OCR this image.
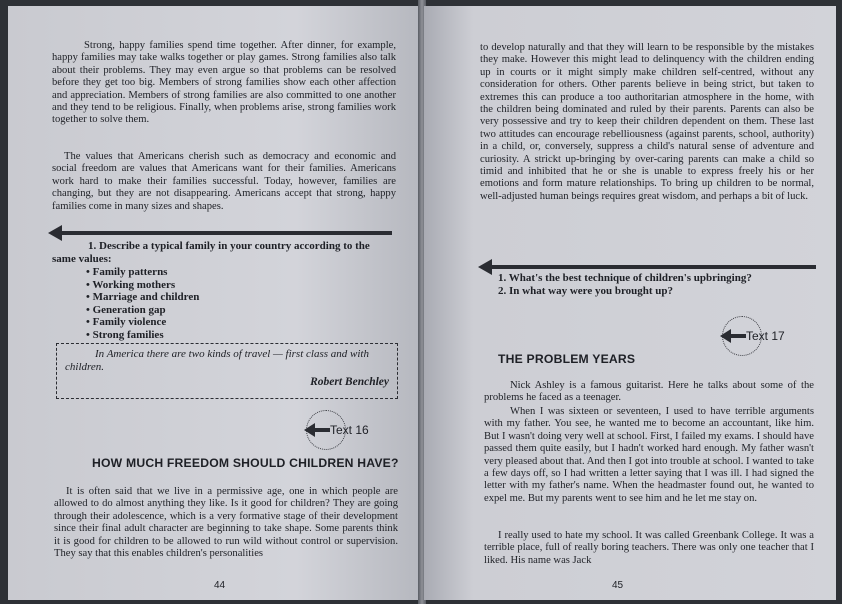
Strong, happy families spend time together. After dinner, for example, happy families may take walks together or play games. Strong families also talk about their problems. They may even argue so that problems can be resolved before they get too big. Members of strong families show each other affection and appreciation. Members of strong families are also committed to one another and they tend to be religious. Finally, when problems arise, strong families work together to solve them.

The values that Americans cherish such as democracy and economic and social freedom are values that Americans want for their families. Americans work hard to make their families successful. Today, however, families are changing, but they are not disappearing. Americans accept that strong, happy families come in many sizes and shapes.

1. Describe a typical family in your country according to the same values:

• Family patterns
• Working mothers
• Marriage and children
• Generation gap
• Family violence
• Strong families
In America there are two kinds of travel — first class and with children.
Robert Benchley
Text 16
HOW MUCH FREEDOM SHOULD CHILDREN HAVE?

It is often said that we live in a permissive age, one in which people are allowed to do almost anything they like. Is it good for children? They are going through their adolescence, which is a very formative stage of their development since their final adult character are beginning to take shape. Some parents think it is good for children to be allowed to run wild without control or supervision. They say that this enables children's personalities

44

to develop naturally and that they will learn to be responsible by the mistakes they make. However this might lead to delinquency with the children ending up in courts or it might simply make children self-centred, without any consideration for others. Other parents believe in being strict, but taken to extremes this can produce a too authoritarian atmosphere in the home, with the children being dominated and ruled by their parents. Parents can also be very possessive and try to keep their children dependent on them. These last two attitudes can encourage rebelliousness (against parents, school, authority) in a child, or, conversely, suppress a child's natural sense of adventure and curiosity. A strickt up-bringing by over-caring parents can make a child so timid and inhibited that he or she is unable to express freely his or her emotions and form mature relationships. To bring up children to be normal, well-adjusted human beings requires great wisdom, and perhaps a bit of luck.

1. What's the best technique of children's upbringing?

2. In what way were you brought up?

Text 17
THE PROBLEM YEARS

Nick Ashley is a famous guitarist. Here he talks about some of the problems he faced as a teenager.

When I was sixteen or seventeen, I used to have terrible arguments with my father. You see, he wanted me to become an accountant, like him. But I wasn't doing very well at school. First, I failed my exams. I should have passed them quite easily, but I hadn't worked hard enough. My father wasn't very pleased about that. And then I got into trouble at school. I wanted to take a few days off, so I had written a letter saying that I was ill. I had signed the letter with my father's name. When the headmaster found out, he wanted to expel me. But my parents went to see him and he let me stay on.

I really used to hate my school. It was called Greenbank College. It was a terrible place, full of really boring teachers. There was only one teacher that I liked. His name was Jack

45
